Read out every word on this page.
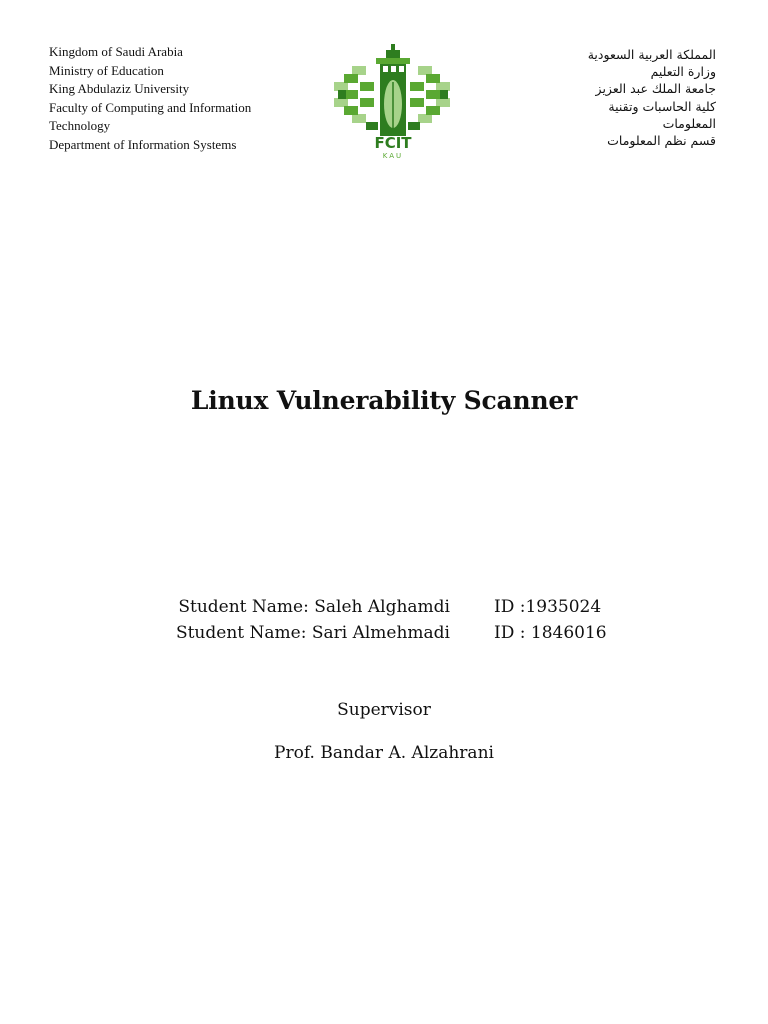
Kingdom of Saudi Arabia
Ministry of Education
King Abdulaziz University
Faculty of Computing and Information
Technology
Department of Information Systems	FCIT
KAU
المملكة العربية السعودية
وزارة التعليم
جامعة الملك عبد العزيز
كلية الحاسبات وتقنية
المعلومات
قسم نظم المعلومات
Linux Vulnerability Scanner
Student Name: Saleh Alghamdi	ID :1935024
Student Name: Sari Almehmadi	ID : 1846016
Supervisor
Prof. Bandar A. Alzahrani
